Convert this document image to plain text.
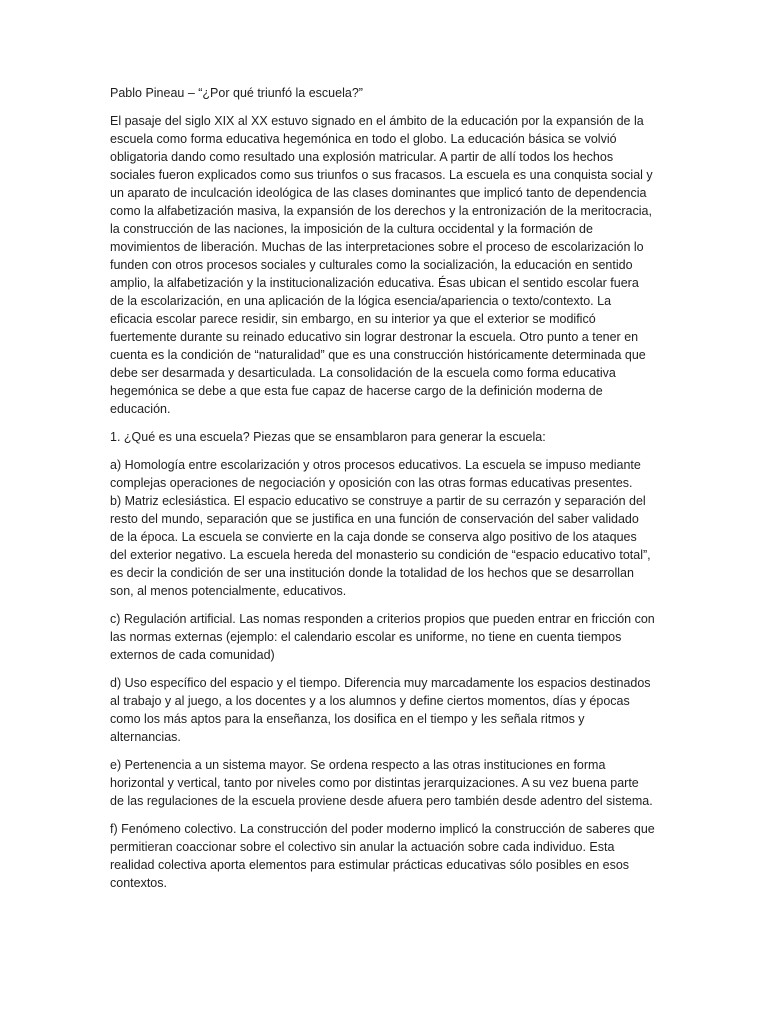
Pablo Pineau – “¿Por qué triunfó la escuela?”

El pasaje del siglo XIX al XX estuvo signado en el ámbito de la educación por la expansión de la escuela como forma educativa hegemónica en todo el globo. La educación básica se volvió obligatoria dando como resultado una explosión matricular. A partir de allí todos los hechos sociales fueron explicados como sus triunfos o sus fracasos. La escuela es una conquista social y un aparato de inculcación ideológica de las clases dominantes que implicó tanto de dependencia como la alfabetización masiva, la expansión de los derechos y la entronización de la meritocracia, la construcción de las naciones, la imposición de la cultura occidental y la formación de movimientos de liberación. Muchas de las interpretaciones sobre el proceso de escolarización lo funden con otros procesos sociales y culturales como la socialización, la educación en sentido amplio, la alfabetización y la institucionalización educativa. Ésas ubican el sentido escolar fuera de la escolarización, en una aplicación de la lógica esencia/apariencia o texto/contexto. La eficacia escolar parece residir, sin embargo, en su interior ya que el exterior se modificó fuertemente durante su reinado educativo sin lograr destronar la escuela. Otro punto a tener en cuenta es la condición de “naturalidad” que es una construcción históricamente determinada que debe ser desarmada y desarticulada. La consolidación de la escuela como forma educativa hegemónica se debe a que esta fue capaz de hacerse cargo de la definición moderna de educación.

1. ¿Qué es una escuela? Piezas que se ensamblaron para generar la escuela:

a) Homología entre escolarización y otros procesos educativos. La escuela se impuso mediante complejas operaciones de negociación y oposición con las otras formas educativas presentes.

b) Matriz eclesiástica. El espacio educativo se construye a partir de su cerrazón y separación del resto del mundo, separación que se justifica en una función de conservación del saber validado de la época. La escuela se convierte en la caja donde se conserva algo positivo de los ataques del exterior negativo. La escuela hereda del monasterio su condición de “espacio educativo total”, es decir la condición de ser una institución donde la totalidad de los hechos que se desarrollan son, al menos potencialmente, educativos.

c) Regulación artificial. Las nomas responden a criterios propios que pueden entrar en fricción con las normas externas (ejemplo: el calendario escolar es uniforme, no tiene en cuenta tiempos externos de cada comunidad)

d) Uso específico del espacio y el tiempo. Diferencia muy marcadamente los espacios destinados al trabajo y al juego, a los docentes y a los alumnos y define ciertos momentos, días y épocas como los más aptos para la enseñanza, los dosifica en el tiempo y les señala ritmos y alternancias.

e) Pertenencia a un sistema mayor. Se ordena respecto a las otras instituciones en forma horizontal y vertical, tanto por niveles como por distintas jerarquizaciones. A su vez buena parte de las regulaciones de la escuela proviene desde afuera pero también desde adentro del sistema.

f) Fenómeno colectivo. La construcción del poder moderno implicó la construcción de saberes que permitieran coaccionar sobre el colectivo sin anular la actuación sobre cada individuo. Esta realidad colectiva aporta elementos para estimular prácticas educativas sólo posibles en esos contextos.
